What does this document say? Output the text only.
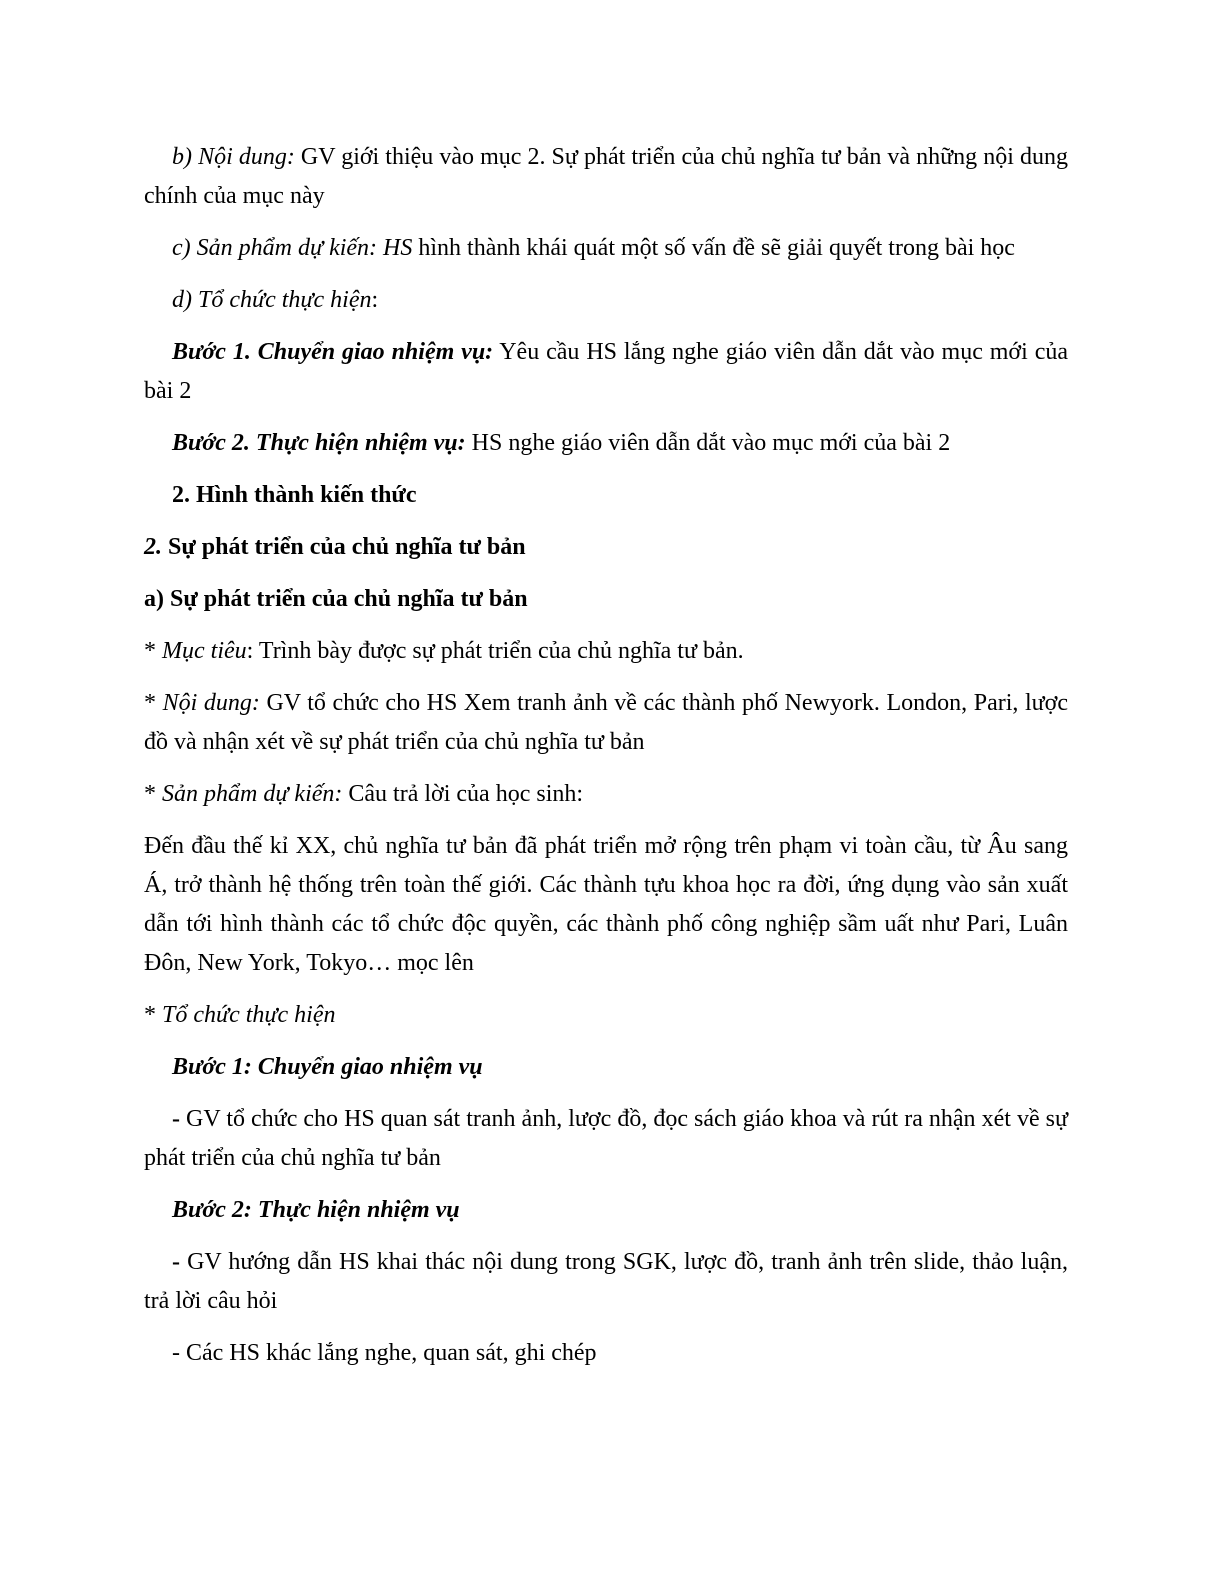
b) Nội dung: GV giới thiệu vào mục 2. Sự phát triển của chủ nghĩa tư bản và những nội dung chính của mục này

c) Sản phẩm dự kiến: HS hình thành khái quát một số vấn đề sẽ giải quyết trong bài học

d) Tổ chức thực hiện:

Bước 1. Chuyển giao nhiệm vụ: Yêu cầu HS lắng nghe giáo viên dẫn dắt vào mục mới của bài 2

Bước 2. Thực hiện nhiệm vụ: HS nghe giáo viên dẫn dắt vào mục mới của bài 2

2. Hình thành kiến thức

2. Sự phát triển của chủ nghĩa tư bản

a) Sự phát triển của chủ nghĩa tư bản

* Mục tiêu: Trình bày được sự phát triển của chủ nghĩa tư bản.

* Nội dung: GV tổ chức cho HS Xem tranh ảnh về các thành phố Newyork. London, Pari, lược đồ và nhận xét về sự phát triển của chủ nghĩa tư bản

* Sản phẩm dự kiến: Câu trả lời của học sinh:

Đến đầu thế kỉ XX, chủ nghĩa tư bản đã phát triển mở rộng trên phạm vi toàn cầu, từ Âu sang Á, trở thành hệ thống trên toàn thế giới. Các thành tựu khoa học ra đời, ứng dụng vào sản xuất dẫn tới hình thành các tổ chức độc quyền, các thành phố công nghiệp sầm uất như Pari, Luân Đôn, New York, Tokyo… mọc lên

* Tổ chức thực hiện

Bước 1: Chuyển giao nhiệm vụ

- GV tổ chức cho HS quan sát tranh ảnh, lược đồ, đọc sách giáo khoa và rút ra nhận xét về sự phát triển của chủ nghĩa tư bản

Bước 2: Thực hiện nhiệm vụ

- GV hướng dẫn HS khai thác nội dung trong SGK, lược đồ, tranh ảnh trên slide, thảo luận, trả lời câu hỏi

- Các HS khác lắng nghe, quan sát, ghi chép
